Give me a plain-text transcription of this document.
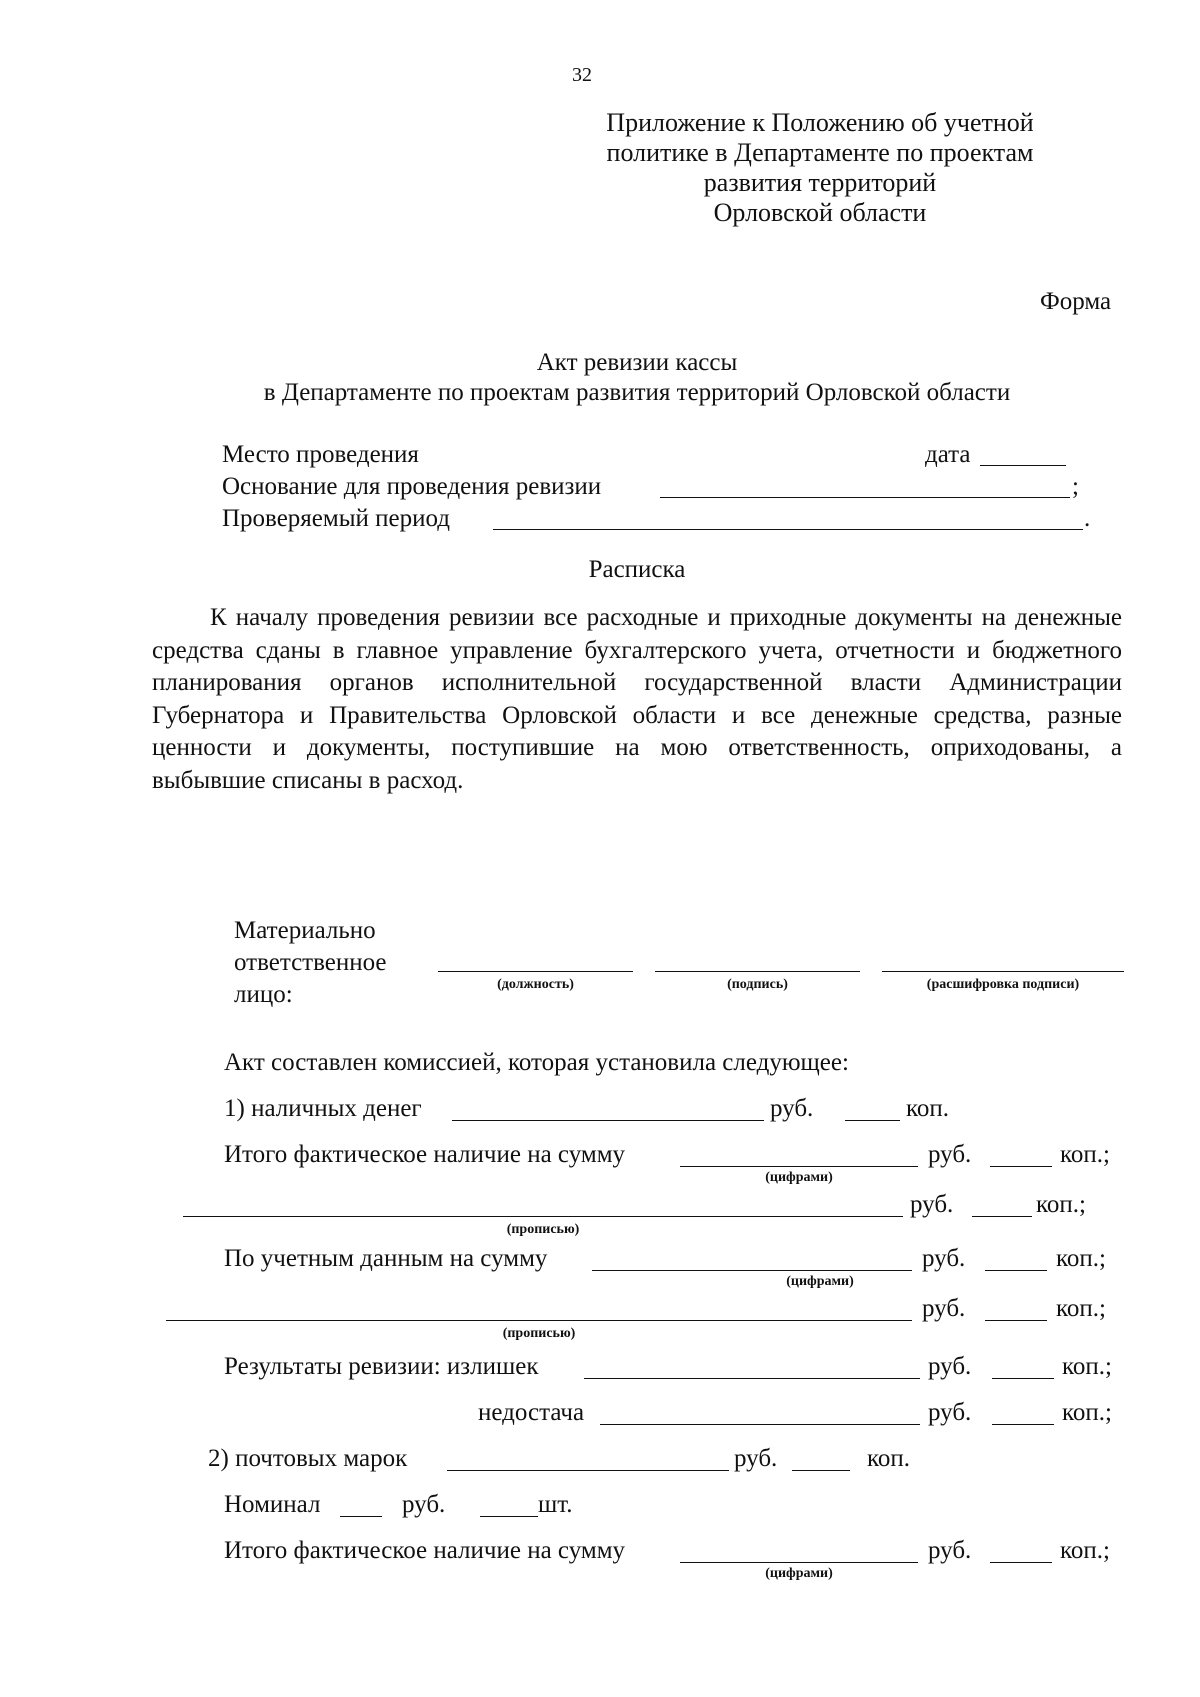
32
Приложение к Положению об учетной
политике в Департаменте по проектам
развития территорий
Орловской области
Форма
Акт ревизии кассы
в Департаменте по проектам развития территорий Орловской области
Место проведения	дата
Основание для проведения ревизии	;
Проверяемый период	.
Расписка
К началу проведения ревизии все расходные и приходные документы на денежные средства сданы в главное управление бухгалтерского учета, отчетности и бюджетного планирования органов исполнительной государственной власти Администрации Губернатора и Правительства Орловской области и все денежные средства, разные ценности и документы, поступившие на мою ответственность, оприходованы, а выбывшие списаны в расход.
Материально
ответственное
лицо:	(должность)	(подпись)	(расшифровка подписи)
Акт составлен комиссией, которая установила следующее:
1) наличных денег	руб.	коп.
Итого фактическое наличие на сумму
(цифрами)
руб.	коп.;
(прописью)
руб.	коп.;
По учетным данным на сумму
(цифрами)
руб.	коп.;
(прописью)
руб.	коп.;
Результаты ревизии: излишек	руб.	коп.;
недостача	руб.	коп.;
2) почтовых марок	руб.	коп.
Номинал	руб.	шт.
Итого фактическое наличие на сумму
(цифрами)
руб.	коп.;
